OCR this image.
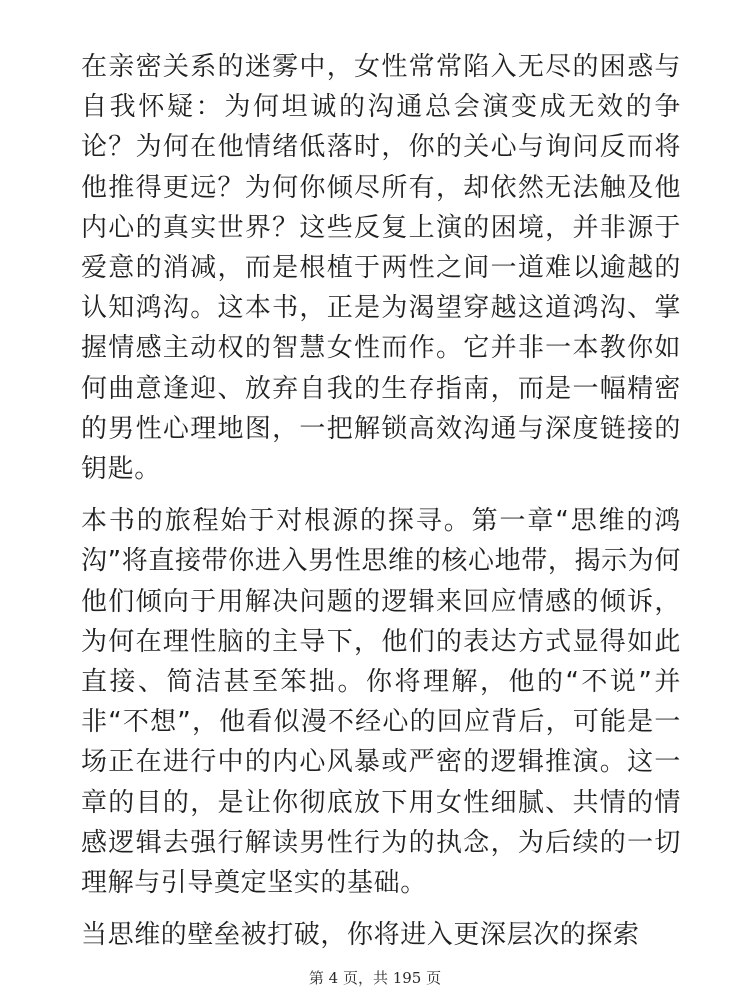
在亲密关系的迷雾中，女性常常陷入无尽的困惑与自我怀疑：为何坦诚的沟通总会演变成无效的争论？为何在他情绪低落时，你的关心与询问反而将他推得更远？为何你倾尽所有，却依然无法触及他内心的真实世界？这些反复上演的困境，并非源于爱意的消减，而是根植于两性之间一道难以逾越的认知鸿沟。这本书，正是为渴望穿越这道鸿沟、掌握情感主动权的智慧女性而作。它并非一本教你如何曲意逢迎、放弃自我的生存指南，而是一幅精密的男性心理地图，一把解锁高效沟通与深度链接的钥匙。

本书的旅程始于对根源的探寻。第一章“思维的鸿沟”将直接带你进入男性思维的核心地带，揭示为何他们倾向于用解决问题的逻辑来回应情感的倾诉，为何在理性脑的主导下，他们的表达方式显得如此直接、简洁甚至笨拙。你将理解，他的“不说”并非“不想”，他看似漫不经心的回应背后，可能是一场正在进行中的内心风暴或严密的逻辑推演。这一章的目的，是让你彻底放下用女性细腻、共情的情感逻辑去强行解读男性行为的执念，为后续的一切理解与引导奠定坚实的基础。

当思维的壁垒被打破，你将进入更深层次的探索

第 4 页，共 195 页
